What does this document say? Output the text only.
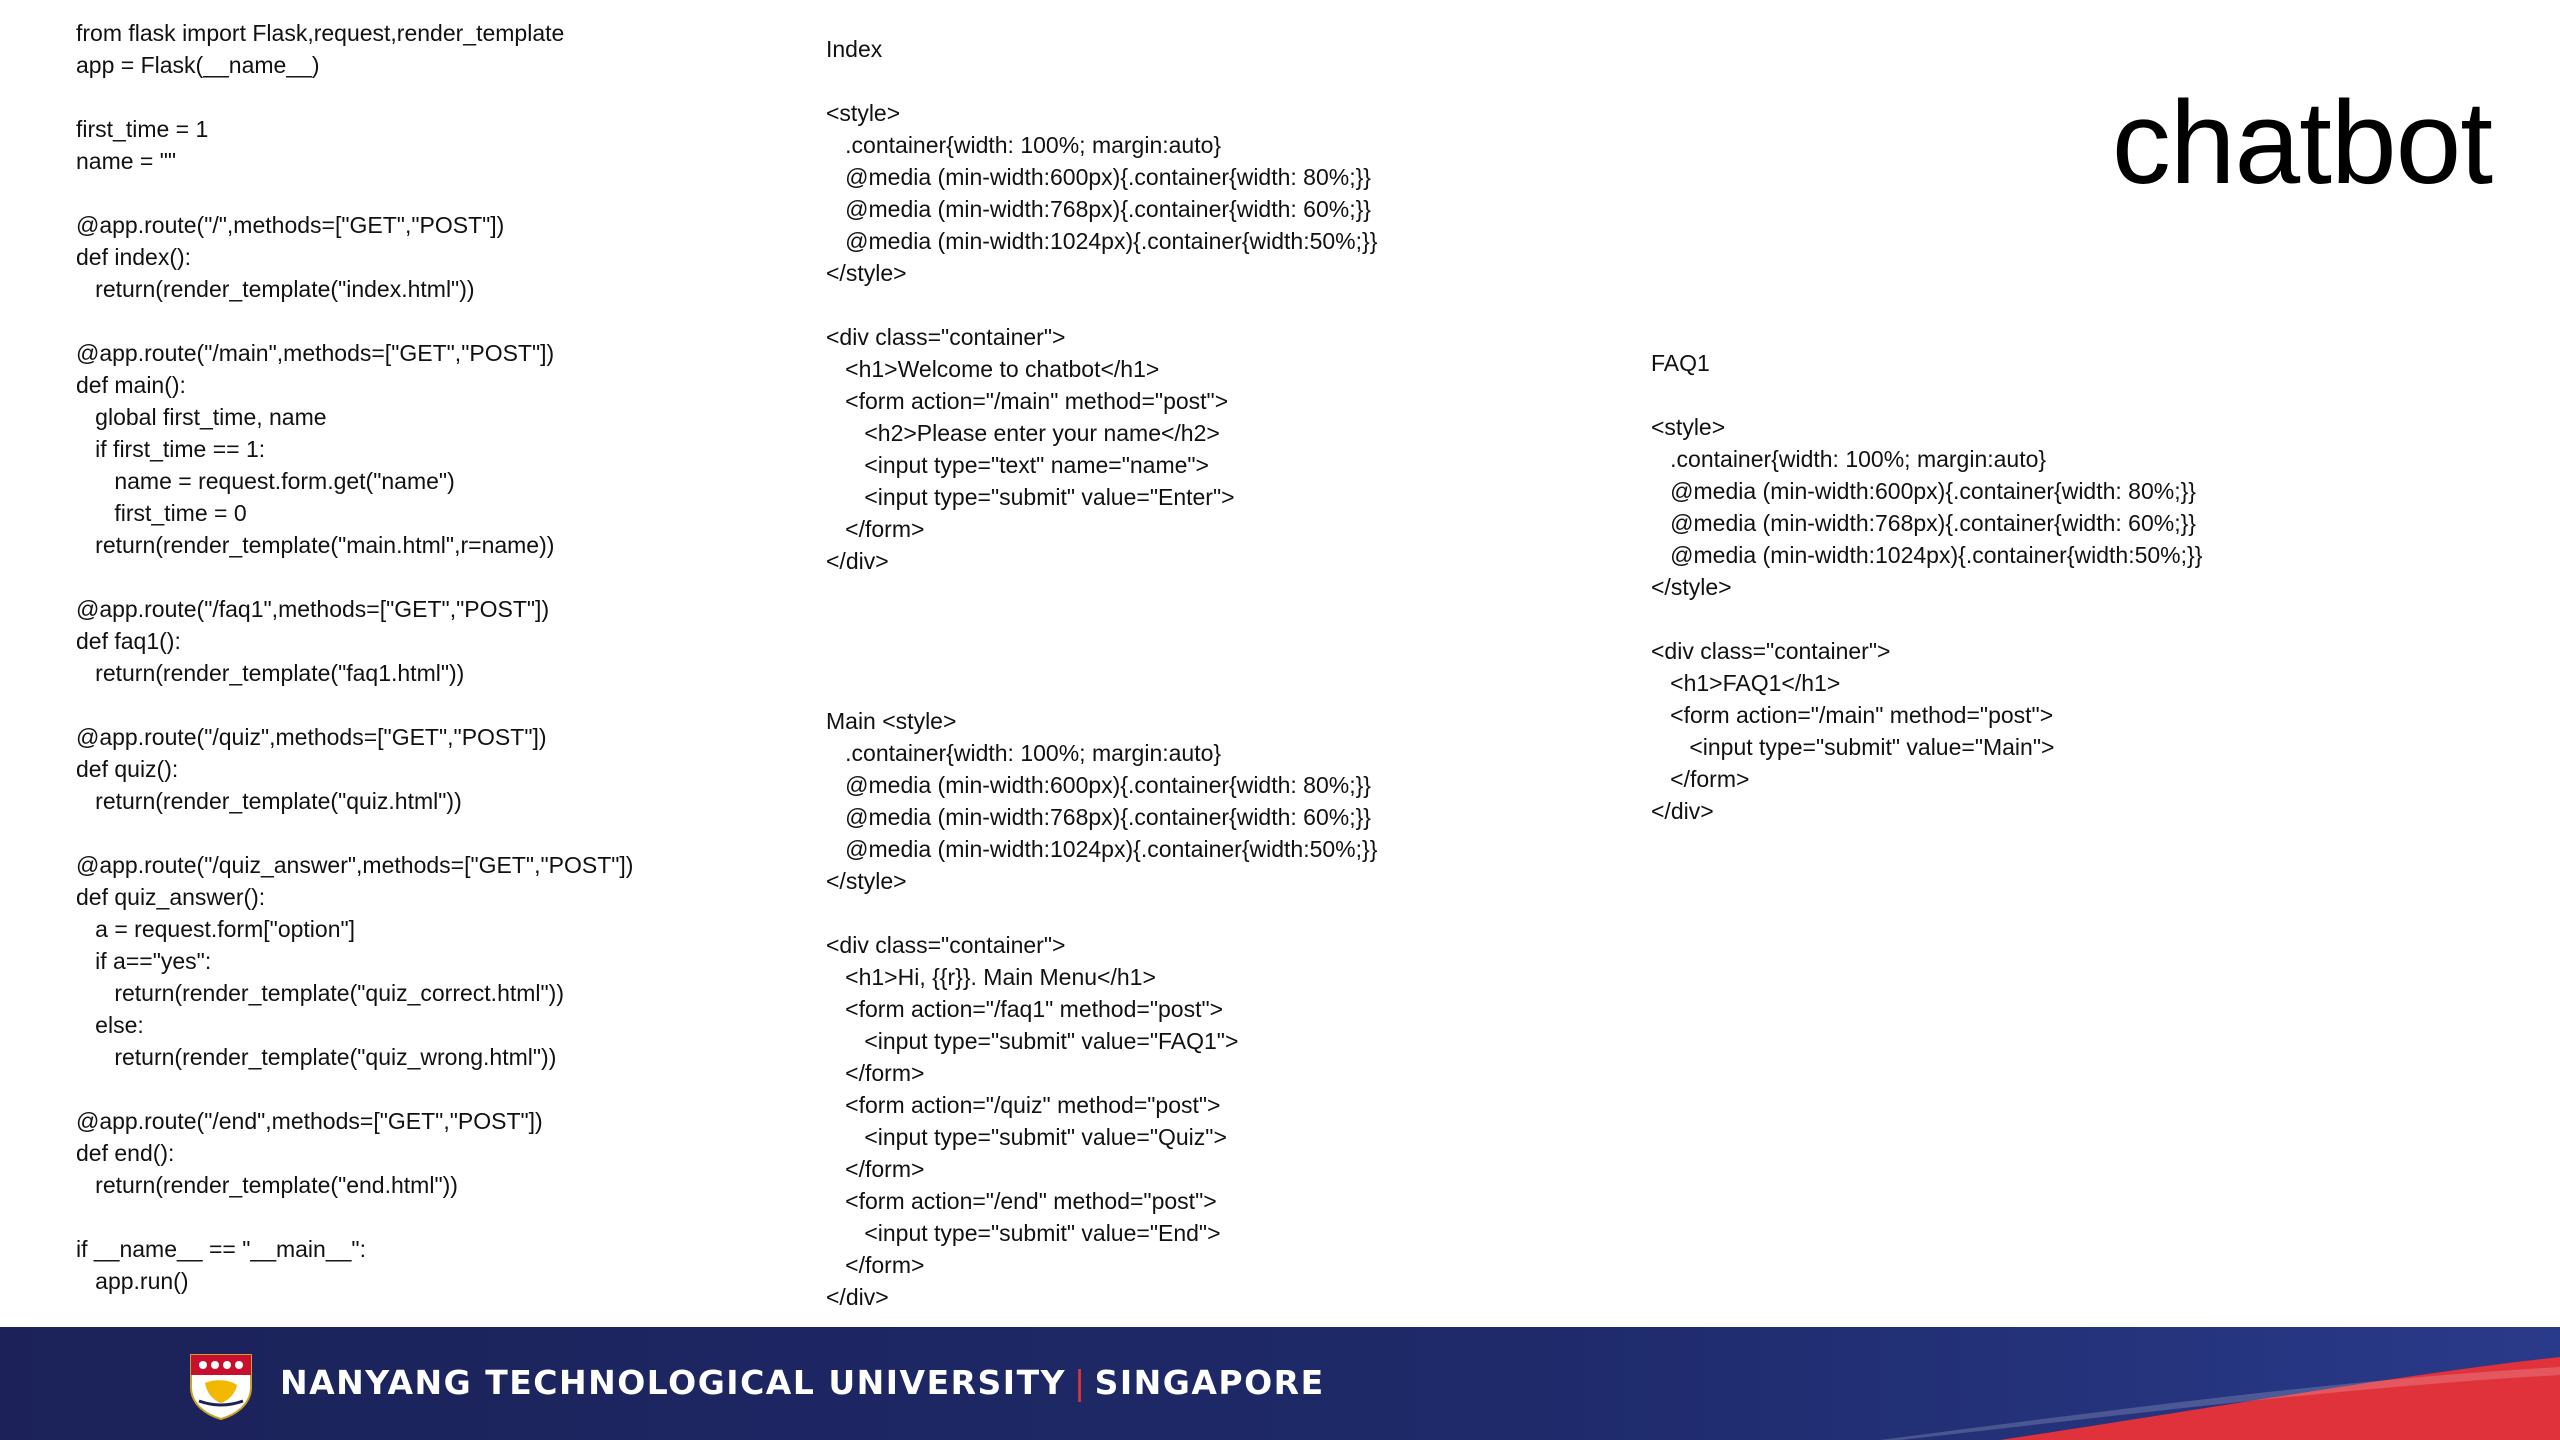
from flask import Flask,request,render_template
app = Flask(__name__)

first_time = 1
name = ""

@app.route("/",methods=["GET","POST"])
def index():
return(render_template("index.html"))

@app.route("/main",methods=["GET","POST"])
def main():
global first_time, name
if first_time == 1:
name = request.form.get("name")
first_time = 0
return(render_template("main.html",r=name))

@app.route("/faq1",methods=["GET","POST"])
def faq1():
return(render_template("faq1.html"))

@app.route("/quiz",methods=["GET","POST"])
def quiz():
return(render_template("quiz.html"))

@app.route("/quiz_answer",methods=["GET","POST"])
def quiz_answer():
a = request.form["option"]
if a=="yes":
return(render_template("quiz_correct.html"))
else:
return(render_template("quiz_wrong.html"))

@app.route("/end",methods=["GET","POST"])
def end():
return(render_template("end.html"))

if __name__ == "__main__":
app.run()
Index

<style>
.container{width: 100%; margin:auto}
@media (min-width:600px){.container{width: 80%;}}
@media (min-width:768px){.container{width: 60%;}}
@media (min-width:1024px){.container{width:50%;}}
</style>

<div class="container">
<h1>Welcome to chatbot</h1>
<form action="/main" method="post">
<h2>Please enter your name</h2>
<input type="text" name="name">
<input type="submit" value="Enter">
</form>
</div>

Main <style>
.container{width: 100%; margin:auto}
@media (min-width:600px){.container{width: 80%;}}
@media (min-width:768px){.container{width: 60%;}}
@media (min-width:1024px){.container{width:50%;}}
</style>

<div class="container">
<h1>Hi, {{r}}. Main Menu</h1>
<form action="/faq1" method="post">
<input type="submit" value="FAQ1">
</form>
<form action="/quiz" method="post">
<input type="submit" value="Quiz">
</form>
<form action="/end" method="post">
<input type="submit" value="End">
</form>
</div>
FAQ1

<style>
.container{width: 100%; margin:auto}
@media (min-width:600px){.container{width: 80%;}}
@media (min-width:768px){.container{width: 60%;}}
@media (min-width:1024px){.container{width:50%;}}
</style>

<div class="container">
<h1>FAQ1</h1>
<form action="/main" method="post">
<input type="submit" value="Main">
</form>
</div>
chatbot
NANYANG TECHNOLOGICAL UNIVERSITY | SINGAPORE
